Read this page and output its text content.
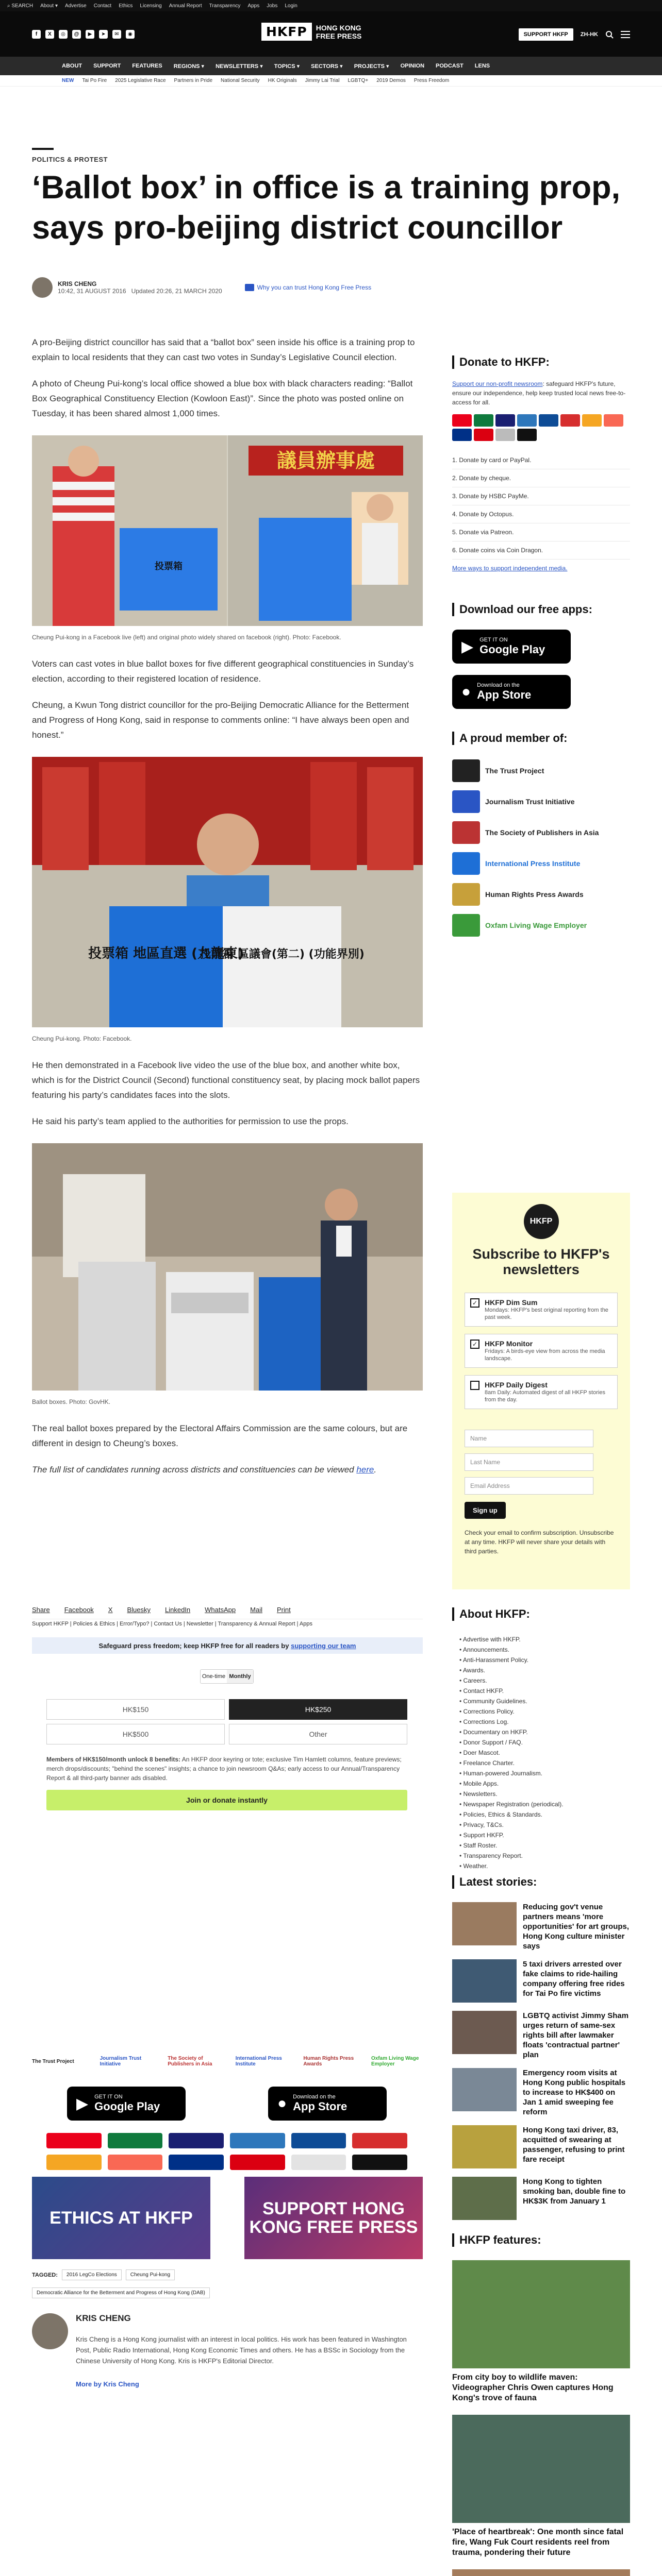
⌕ SEARCH About ▾ Advertise Contact Ethics Licensing Annual Report Transparency Apps Jobs Login
f	X	◎	@	▶	➤	✉	◉	HKFP	HONG KONG
FREE PRESS	SUPPORT HKFP	ZH-HK
ABOUT SUPPORT FEATURES REGIONS ▾ NEWSLETTERS ▾ TOPICS ▾ SECTORS ▾ PROJECTS ▾ OPINION PODCAST LENS
NEW Tai Po Fire 2025 Legislative Race Partners in Pride National Security HK Originals Jimmy Lai Trial LGBTQ+ 2019 Demos Press Freedom
POLITICS & PROTEST
‘Ballot box’ in office is a training prop, says pro-beijing district councillor
KRIS CHENG
10:42, 31 AUGUST 2016 Updated 20:26, 21 MARCH 2020	Why you can trust Hong Kong Free Press

A pro-Beijing district councillor has said that a “ballot box” seen inside his office is a training prop to explain to local residents that they can cast two votes in Sunday’s Legislative Council election.

A photo of Cheung Pui-kong’s local office showed a blue box with black characters reading: “Ballot Box Geographical Constituency Election (Kowloon East)”. Since the photo was posted online on Tuesday, it has been shared almost 1,000 times.

議員辦事處
投票箱
Cheung Pui-kong in a Facebook live (left) and original photo widely shared on facebook (right). Photo: Facebook.

Voters can cast votes in blue ballot boxes for five different geographical constituencies in Sunday’s election, according to their registered location of residence.

Cheung, a Kwun Tong district councillor for the pro-Beijing Democratic Alliance for the Betterment and Progress of Hong Kong, said in response to comments online: “I have always been open and honest.”

投票箱 地區直選 (九龍東)
投票箱 區議會(第二) (功能界別)
Cheung Pui-kong. Photo: Facebook.

He then demonstrated in a Facebook live video the use of the blue box, and another white box, which is for the District Council (Second) functional constituency seat, by placing mock ballot papers featuring his party’s candidates faces into the slots.

He said his party’s team applied to the authorities for permission to use the props.

Ballot boxes. Photo: GovHK.

The real ballot boxes prepared by the Electoral Affairs Commission are the same colours, but are different in design to Cheung’s boxes.

The full list of candidates running across districts and constituencies can be viewed here.

Share Facebook X Bluesky LinkedIn WhatsApp Mail Print
Support HKFP | Policies & Ethics | Error/Typo? | Contact Us | Newsletter | Transparency & Annual Report | Apps
Safeguard press freedom; keep HKFP free for all readers by
supporting our team
One-time Monthly
HK$150	HK$250
HK$500	Other
Members of HK$150/month unlock 8 benefits: An HKFP door keyring or tote; exclusive Tim Hamlett columns, feature previews; merch drops/discounts; "behind the scenes" insights; a chance to join newsroom Q&As; early access to our Annual/Transparency Report & all third-party banner ads disabled.
Join or donate instantly
The Trust Project	Journalism Trust Initiative
The Society of Publishers in Asia
International Press Institute
Human Rights Press Awards
Oxfam Living Wage Employer
▶ GET IT ON
Google Play	● Download on the
App Store
ETHICS AT HKFP	SUPPORT HONG KONG FREE PRESS
TAGGED:	2016 LegCo Elections	Cheung Pui-kong
Democratic Alliance for the Betterment and Progress of Hong Kong (DAB)
KRIS CHENG
Kris Cheng is a Hong Kong journalist with an interest in local politics. His work has been featured in Washington Post, Public Radio International, Hong Kong Economic Times and others. He has a BSSc in Sociology from the Chinese University of Hong Kong. Kris is HKFP's Editorial Director.
More by Kris Cheng
Donate to HKFP:
Support our non-profit newsroom: safeguard HKFP's future, ensure our independence, help keep trusted local news free-to-access for all.
1. Donate by card or PayPal.
2. Donate by cheque.
3. Donate by HSBC PayMe.
4. Donate by Octopus.
5. Donate via Patreon.
6. Donate coins via Coin Dragon.
More ways to support independent media.
Download our free apps:
▶ GET IT ON
Google Play
● Download on the
App Store
A proud member of:
The Trust Project
Journalism Trust Initiative
The Society of Publishers in Asia
International Press Institute
Human Rights Press Awards
Oxfam Living Wage Employer
HKFP
Subscribe to HKFP's newsletters
✓ HKFP Dim Sum
Mondays: HKFP's best original reporting from the past week.
✓ HKFP Monitor
Fridays: A birds-eye view from across the media landscape.
HKFP Daily Digest
8am Daily: Automated digest of all HKFP stories from the day.
Name
Last Name
Email Address
Sign up
Check your email to confirm subscription. Unsubscribe at any time. HKFP will never share your details with third parties.
About HKFP:
• Advertise with HKFP.
• Announcements.
• Anti-Harassment Policy.
• Awards.
• Careers.
• Contact HKFP.
• Community Guidelines.
• Corrections Policy.
• Corrections Log.
• Documentary on HKFP.
• Donor Support / FAQ.
• Doer Mascot.
• Freelance Charter.
• Human-powered Journalism.
• Mobile Apps.
• Newsletters.
• Newspaper Registration (periodical).
• Policies, Ethics & Standards.
• Privacy, T&Cs.
• Support HKFP.
• Staff Roster.
• Transparency Report.
• Weather.
Latest stories:
Reducing gov't venue partners means 'more opportunities' for art groups, Hong Kong culture minister says
5 taxi drivers arrested over fake claims to ride-hailing company offering free rides for Tai Po fire victims
LGBTQ activist Jimmy Sham urges return of same-sex rights bill after lawmaker floats 'contractual partner' plan
Emergency room visits at Hong Kong public hospitals to increase to HK$400 on Jan 1 amid sweeping fee reform
Hong Kong taxi driver, 83, acquitted of swearing at passenger, refusing to print fare receipt
Hong Kong to tighten smoking ban, double fine to HK$3K from January 1
HKFP features:
From city boy to wildlife maven: Videographer Chris Owen captures Hong Kong's trove of fauna
'Place of heartbreak': One month since fatal fire, Wang Fuk Court residents reel from trauma, pondering their future
